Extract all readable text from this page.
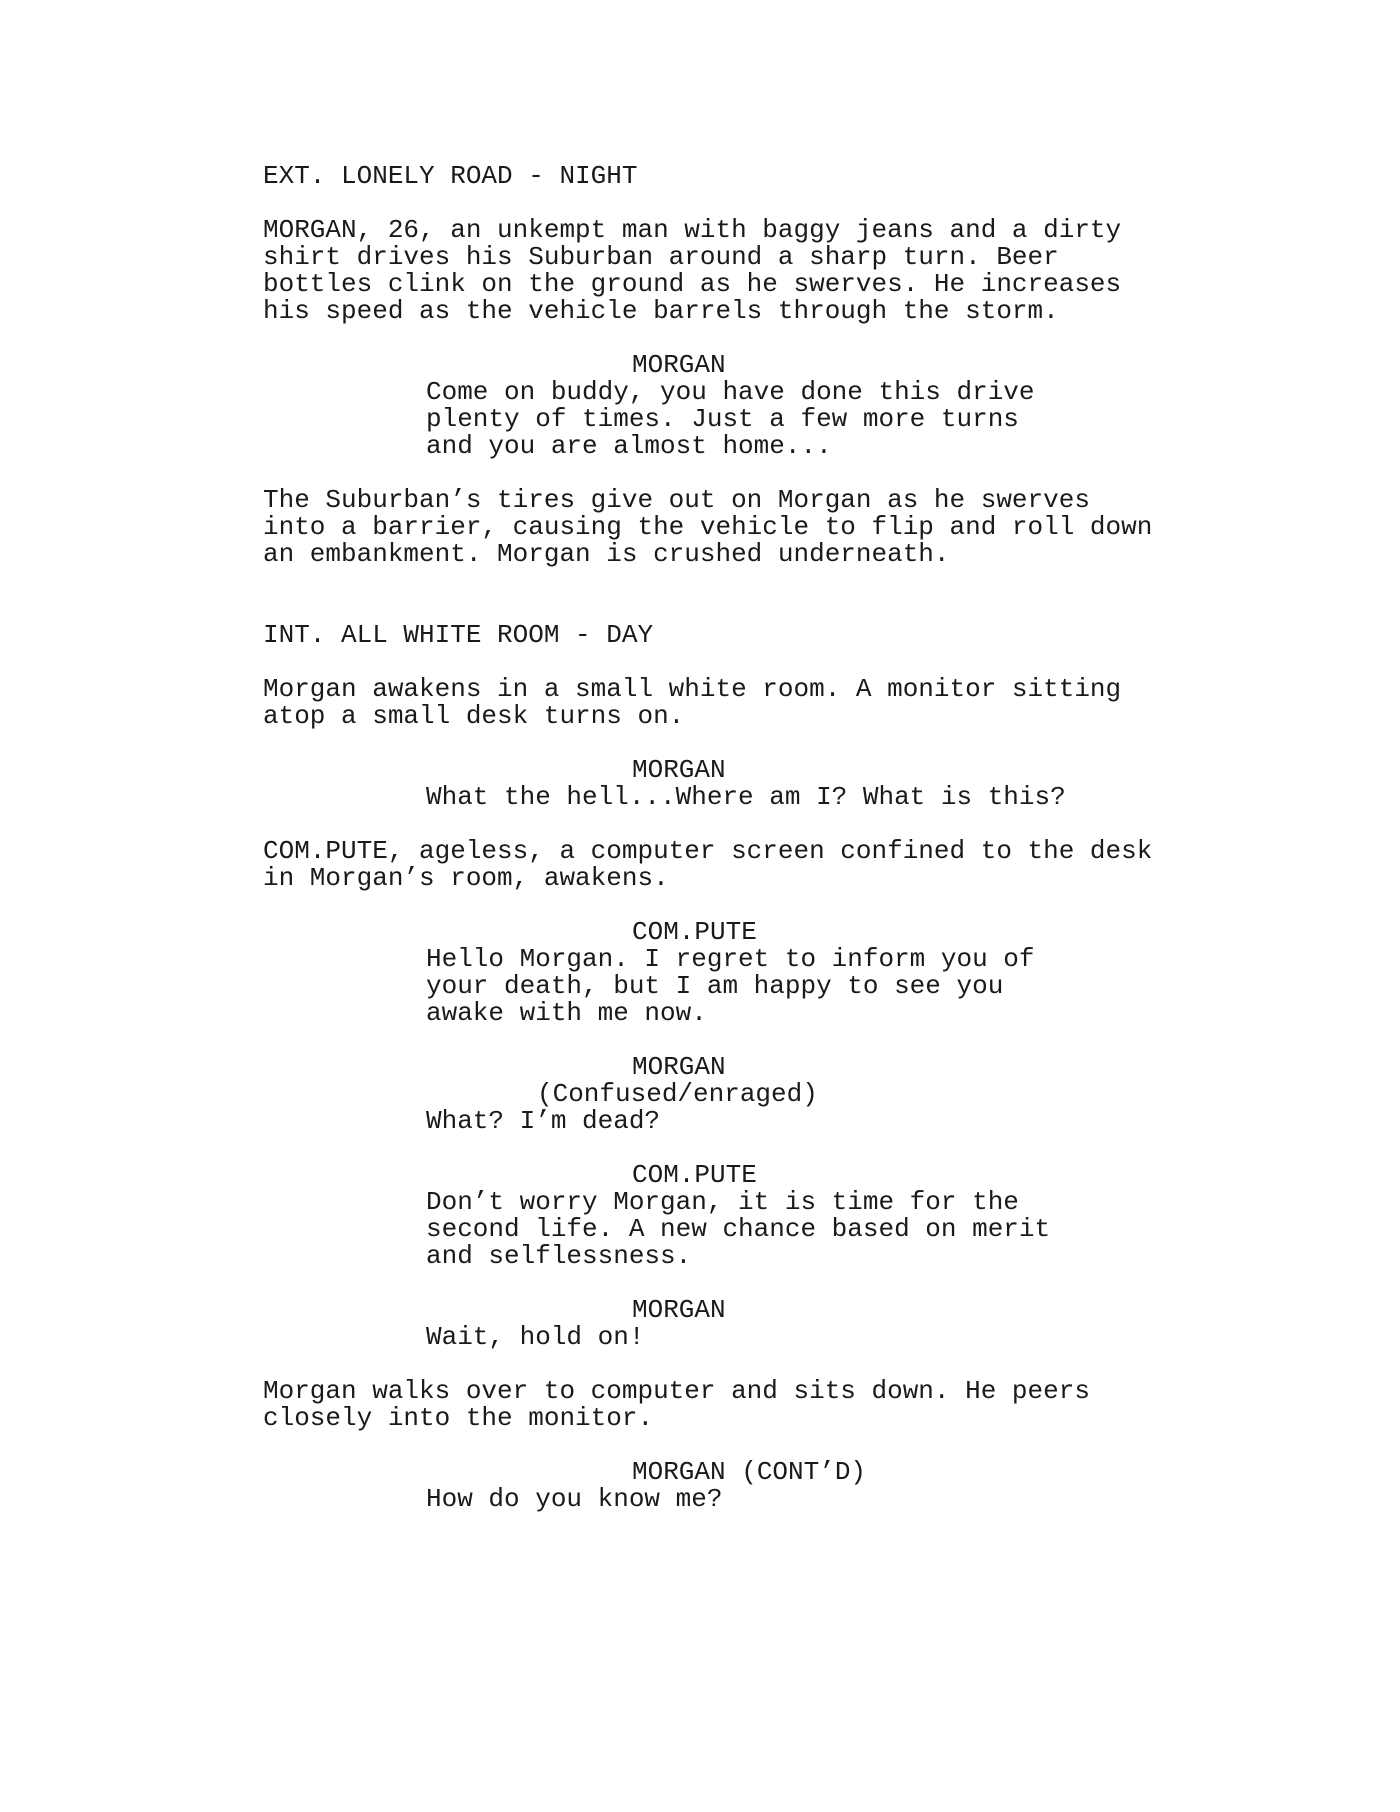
EXT. LONELY ROAD - NIGHT

MORGAN, 26, an unkempt man with baggy jeans and a dirty

shirt drives his Suburban around a sharp turn. Beer

bottles clink on the ground as he swerves. He increases

his speed as the vehicle barrels through the storm.

MORGAN

Come on buddy, you have done this drive

plenty of times. Just a few more turns

and you are almost home...

The Suburban’s tires give out on Morgan as he swerves

into a barrier, causing the vehicle to flip and roll down

an embankment. Morgan is crushed underneath.

INT. ALL WHITE ROOM - DAY

Morgan awakens in a small white room. A monitor sitting

atop a small desk turns on.

MORGAN

What the hell...Where am I? What is this?

COM.PUTE, ageless, a computer screen confined to the desk

in Morgan’s room, awakens.

COM.PUTE

Hello Morgan. I regret to inform you of

your death, but I am happy to see you

awake with me now.

MORGAN

(Confused/enraged)

What? I’m dead?

COM.PUTE

Don’t worry Morgan, it is time for the

second life. A new chance based on merit

and selflessness.

MORGAN

Wait, hold on!

Morgan walks over to computer and sits down. He peers

closely into the monitor.

MORGAN (CONT’D)

How do you know me?
